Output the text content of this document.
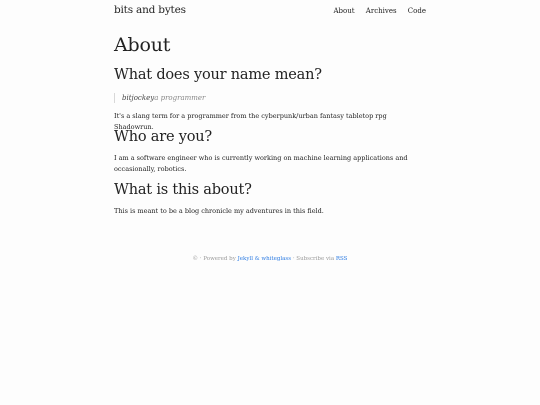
bits and bytes	About Archives Code
About
What does your name mean?
bitjockeya programmer

It's a slang term for a programmer from the cyberpunk/urban fantasy tabletop rpg Shadowrun.

Who are you?

I am a software engineer who is currently working on machine learning applications and occasionally, robotics.

What is this about?

This is meant to be a blog chronicle my adventures in this field.

© · Powered by Jekyll & whiteglass · Subscribe via RSS
